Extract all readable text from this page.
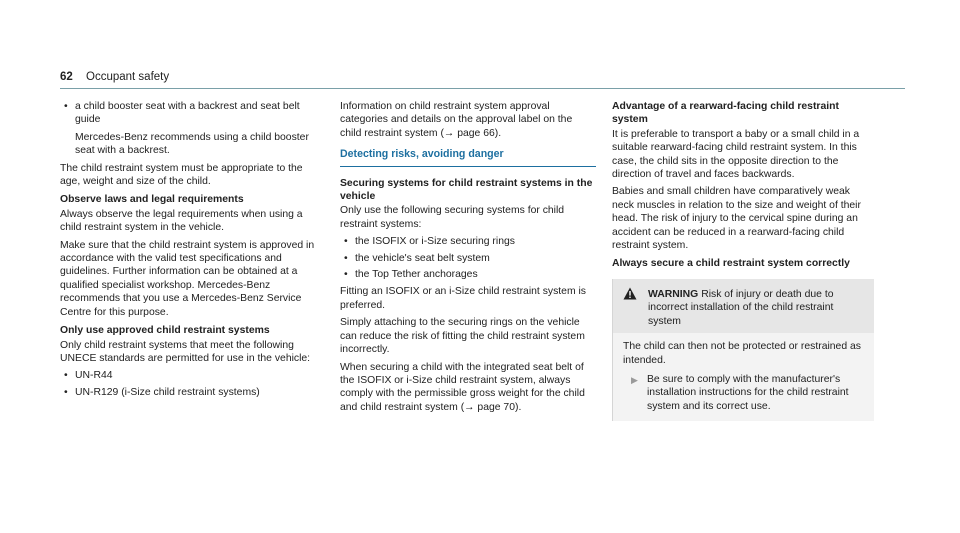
62 Occupant safety
• a child booster seat with a backrest and seat belt guide

Mercedes-Benz recommends using a child booster seat with a backrest.

The child restraint system must be appropriate to the age, weight and size of the child.

Observe laws and legal requirements

Always observe the legal requirements when using a child restraint system in the vehicle.

Make sure that the child restraint system is approved in accordance with the valid test specifications and guidelines. Further information can be obtained at a qualified specialist workshop. Mercedes-Benz recommends that you use a Mercedes-Benz Service Centre for this purpose.

Only use approved child restraint systems

Only child restraint systems that meet the following UNECE standards are permitted for use in the vehicle:

• UN-R44
• UN-R129 (i-Size child restraint systems)

Information on child restraint system approval categories and details on the approval label on the child restraint system (→ page 66).

Detecting risks, avoiding danger

Securing systems for child restraint systems in the vehicle

Only use the following securing systems for child restraint systems:

• the ISOFIX or i-Size securing rings
• the vehicle's seat belt system
• the Top Tether anchorages

Fitting an ISOFIX or an i-Size child restraint system is preferred.

Simply attaching to the securing rings on the vehicle can reduce the risk of fitting the child restraint system incorrectly.

When securing a child with the integrated seat belt of the ISOFIX or i-Size child restraint system, always comply with the permissible gross weight for the child and child restraint system (→ page 70).

Advantage of a rearward-facing child restraint system

It is preferable to transport a baby or a small child in a suitable rearward-facing child restraint system. In this case, the child sits in the opposite direction to the direction of travel and faces backwards.

Babies and small children have comparatively weak neck muscles in relation to the size and weight of their head. The risk of injury to the cervical spine during an accident can be reduced in a rearward-facing child restraint system.

Always secure a child restraint system correctly

WARNING Risk of injury or death due to incorrect installation of the child restraint system

The child can then not be protected or restrained as intended.

▶ Be sure to comply with the manufacturer's installation instructions for the child restraint system and its correct use.
